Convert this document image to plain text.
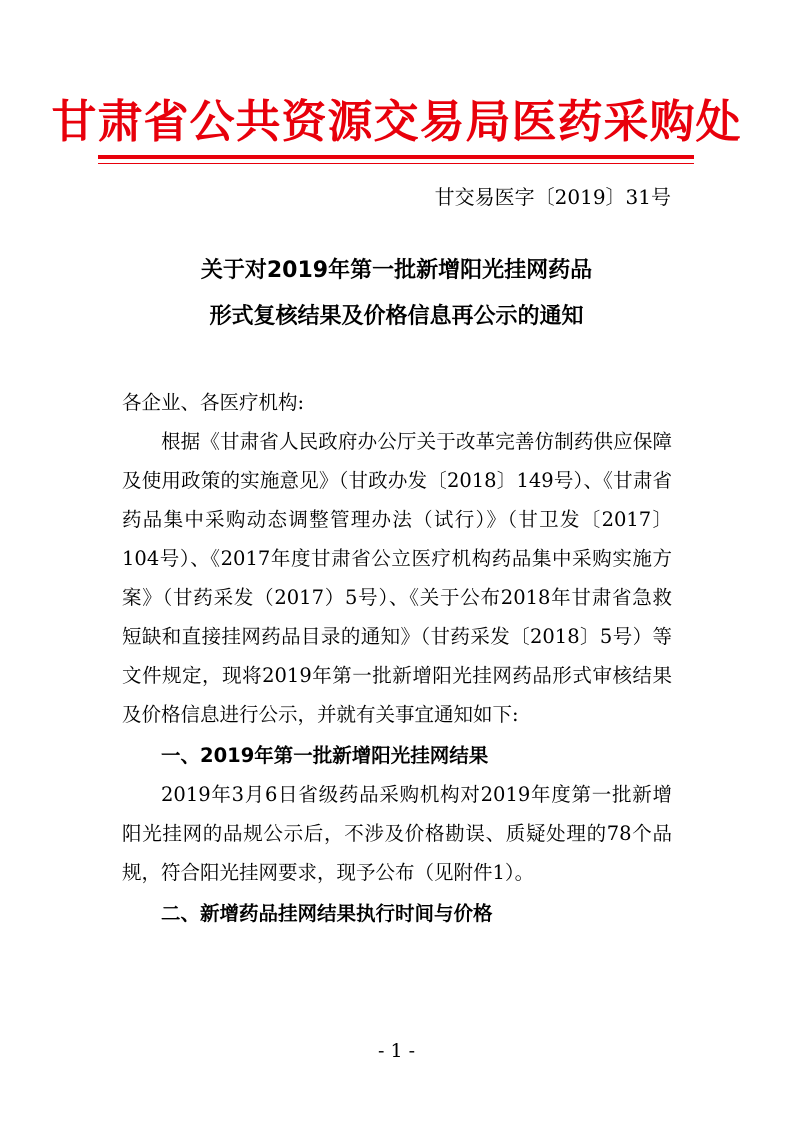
甘肃省公共资源交易局医药采购处
甘交易医字〔2019〕31号
关于对2019年第一批新增阳光挂网药品
形式复核结果及价格信息再公示的通知

各企业、各医疗机构:

根据《甘肃省人民政府办公厅关于改革完善仿制药供应保障及使用政策的实施意见》（甘政办发〔2018〕149号）、《甘肃省药品集中采购动态调整管理办法（试行）》（甘卫发〔2017〕104号）、《2017年度甘肃省公立医疗机构药品集中采购实施方案》（甘药采发（2017）5号）、《关于公布2018年甘肃省急救短缺和直接挂网药品目录的通知》（甘药采发〔2018〕5号）等文件规定，现将2019年第一批新增阳光挂网药品形式审核结果及价格信息进行公示，并就有关事宜通知如下:

一、2019年第一批新增阳光挂网结果

2019年3月6日省级药品采购机构对2019年度第一批新增阳光挂网的品规公示后，不涉及价格勘误、质疑处理的78个品规，符合阳光挂网要求，现予公布（见附件1）。

二、新增药品挂网结果执行时间与价格

- 1 -
